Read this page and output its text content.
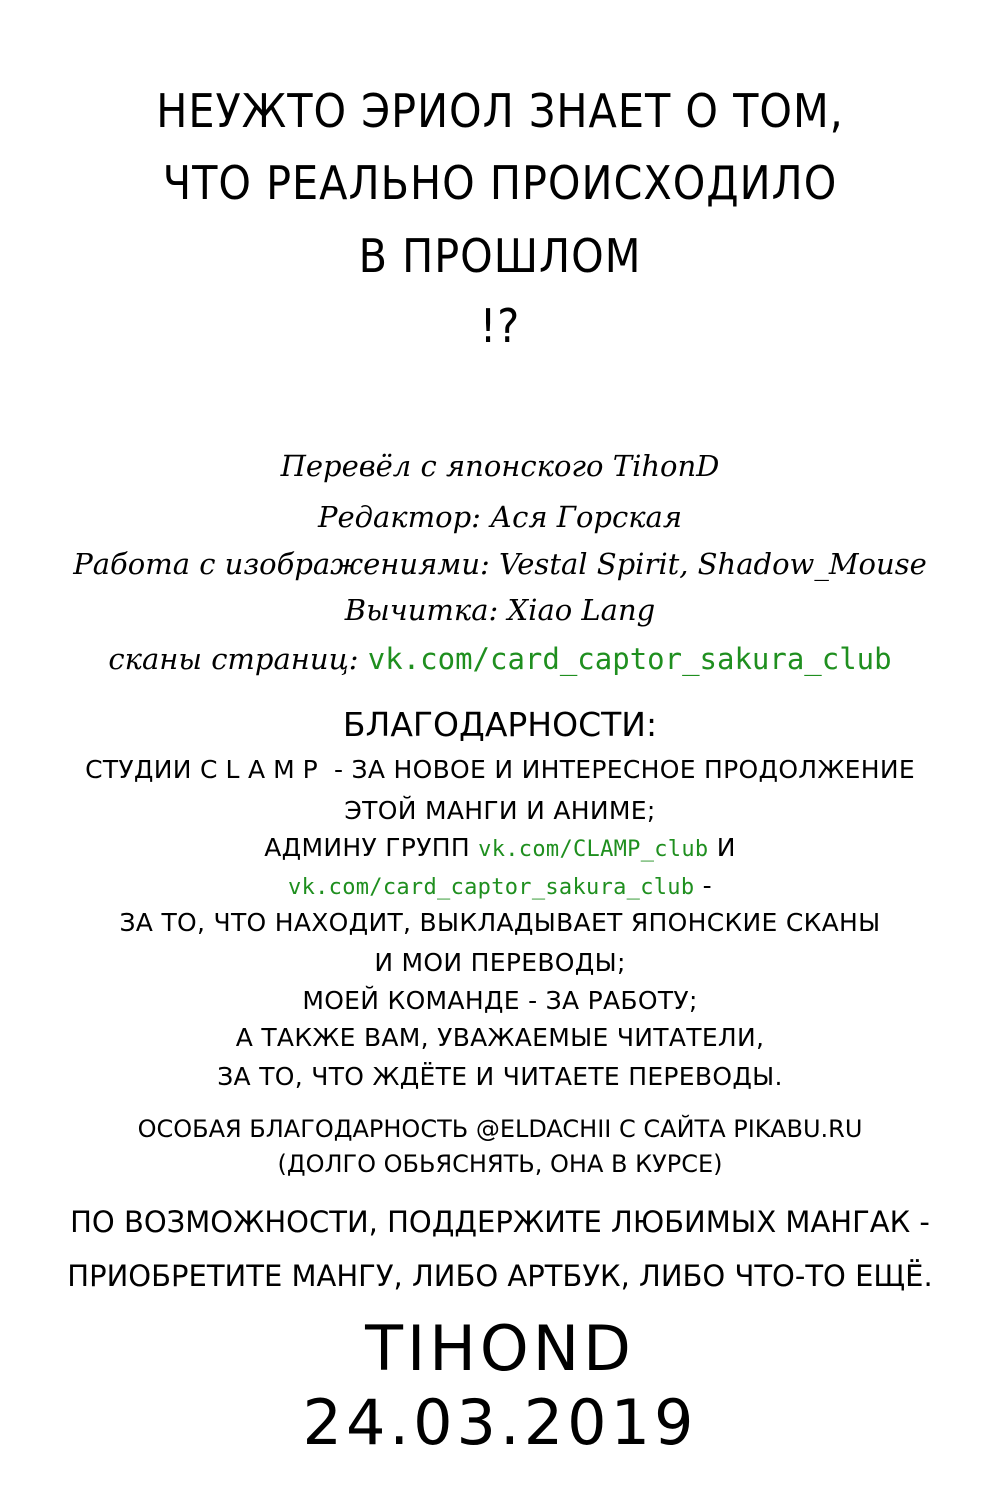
НЕУЖТО ЭРИОЛ ЗНАЕТ О ТОМ,
ЧТО РЕАЛЬНО ПРОИСХОДИЛО
В ПРОШЛОМ
!?
Перевёл с японского TihonD
Редактор: Ася Горская
Работа с изображениями: Vestal Spirit, Shadow_Mouse
Вычитка: Xiao Lang
сканы страниц: vk.com/card_captor_sakura_club
БЛАГОДАРНОСТИ:
СТУДИИ CLAMP - ЗА НОВОЕ И ИНТЕРЕСНОЕ ПРОДОЛЖЕНИЕ
ЭТОЙ МАНГИ И АНИМЕ;
АДМИНУ ГРУПП vk.com/CLAMP_club И
vk.com/card_captor_sakura_club -
ЗА ТО, ЧТО НАХОДИТ, ВЫКЛАДЫВАЕТ ЯПОНСКИЕ СКАНЫ
И МОИ ПЕРЕВОДЫ;
МОЕЙ КОМАНДЕ - ЗА РАБОТУ;
А ТАКЖЕ ВАМ, УВАЖАЕМЫЕ ЧИТАТЕЛИ,
ЗА ТО, ЧТО ЖДЁТЕ И ЧИТАЕТЕ ПЕРЕВОДЫ.
ОСОБАЯ БЛАГОДАРНОСТЬ @ELDACHII С САЙТА PIKABU.RU
(ДОЛГО ОБЬЯСНЯТЬ, ОНА В КУРСЕ)
ПО ВОЗМОЖНОСТИ, ПОДДЕРЖИТЕ ЛЮБИМЫХ МАНГАК -
ПРИОБРЕТИТЕ МАНГУ, ЛИБО АРТБУК, ЛИБО ЧТО-ТО ЕЩЁ.
TIHOND
24.03.2019
